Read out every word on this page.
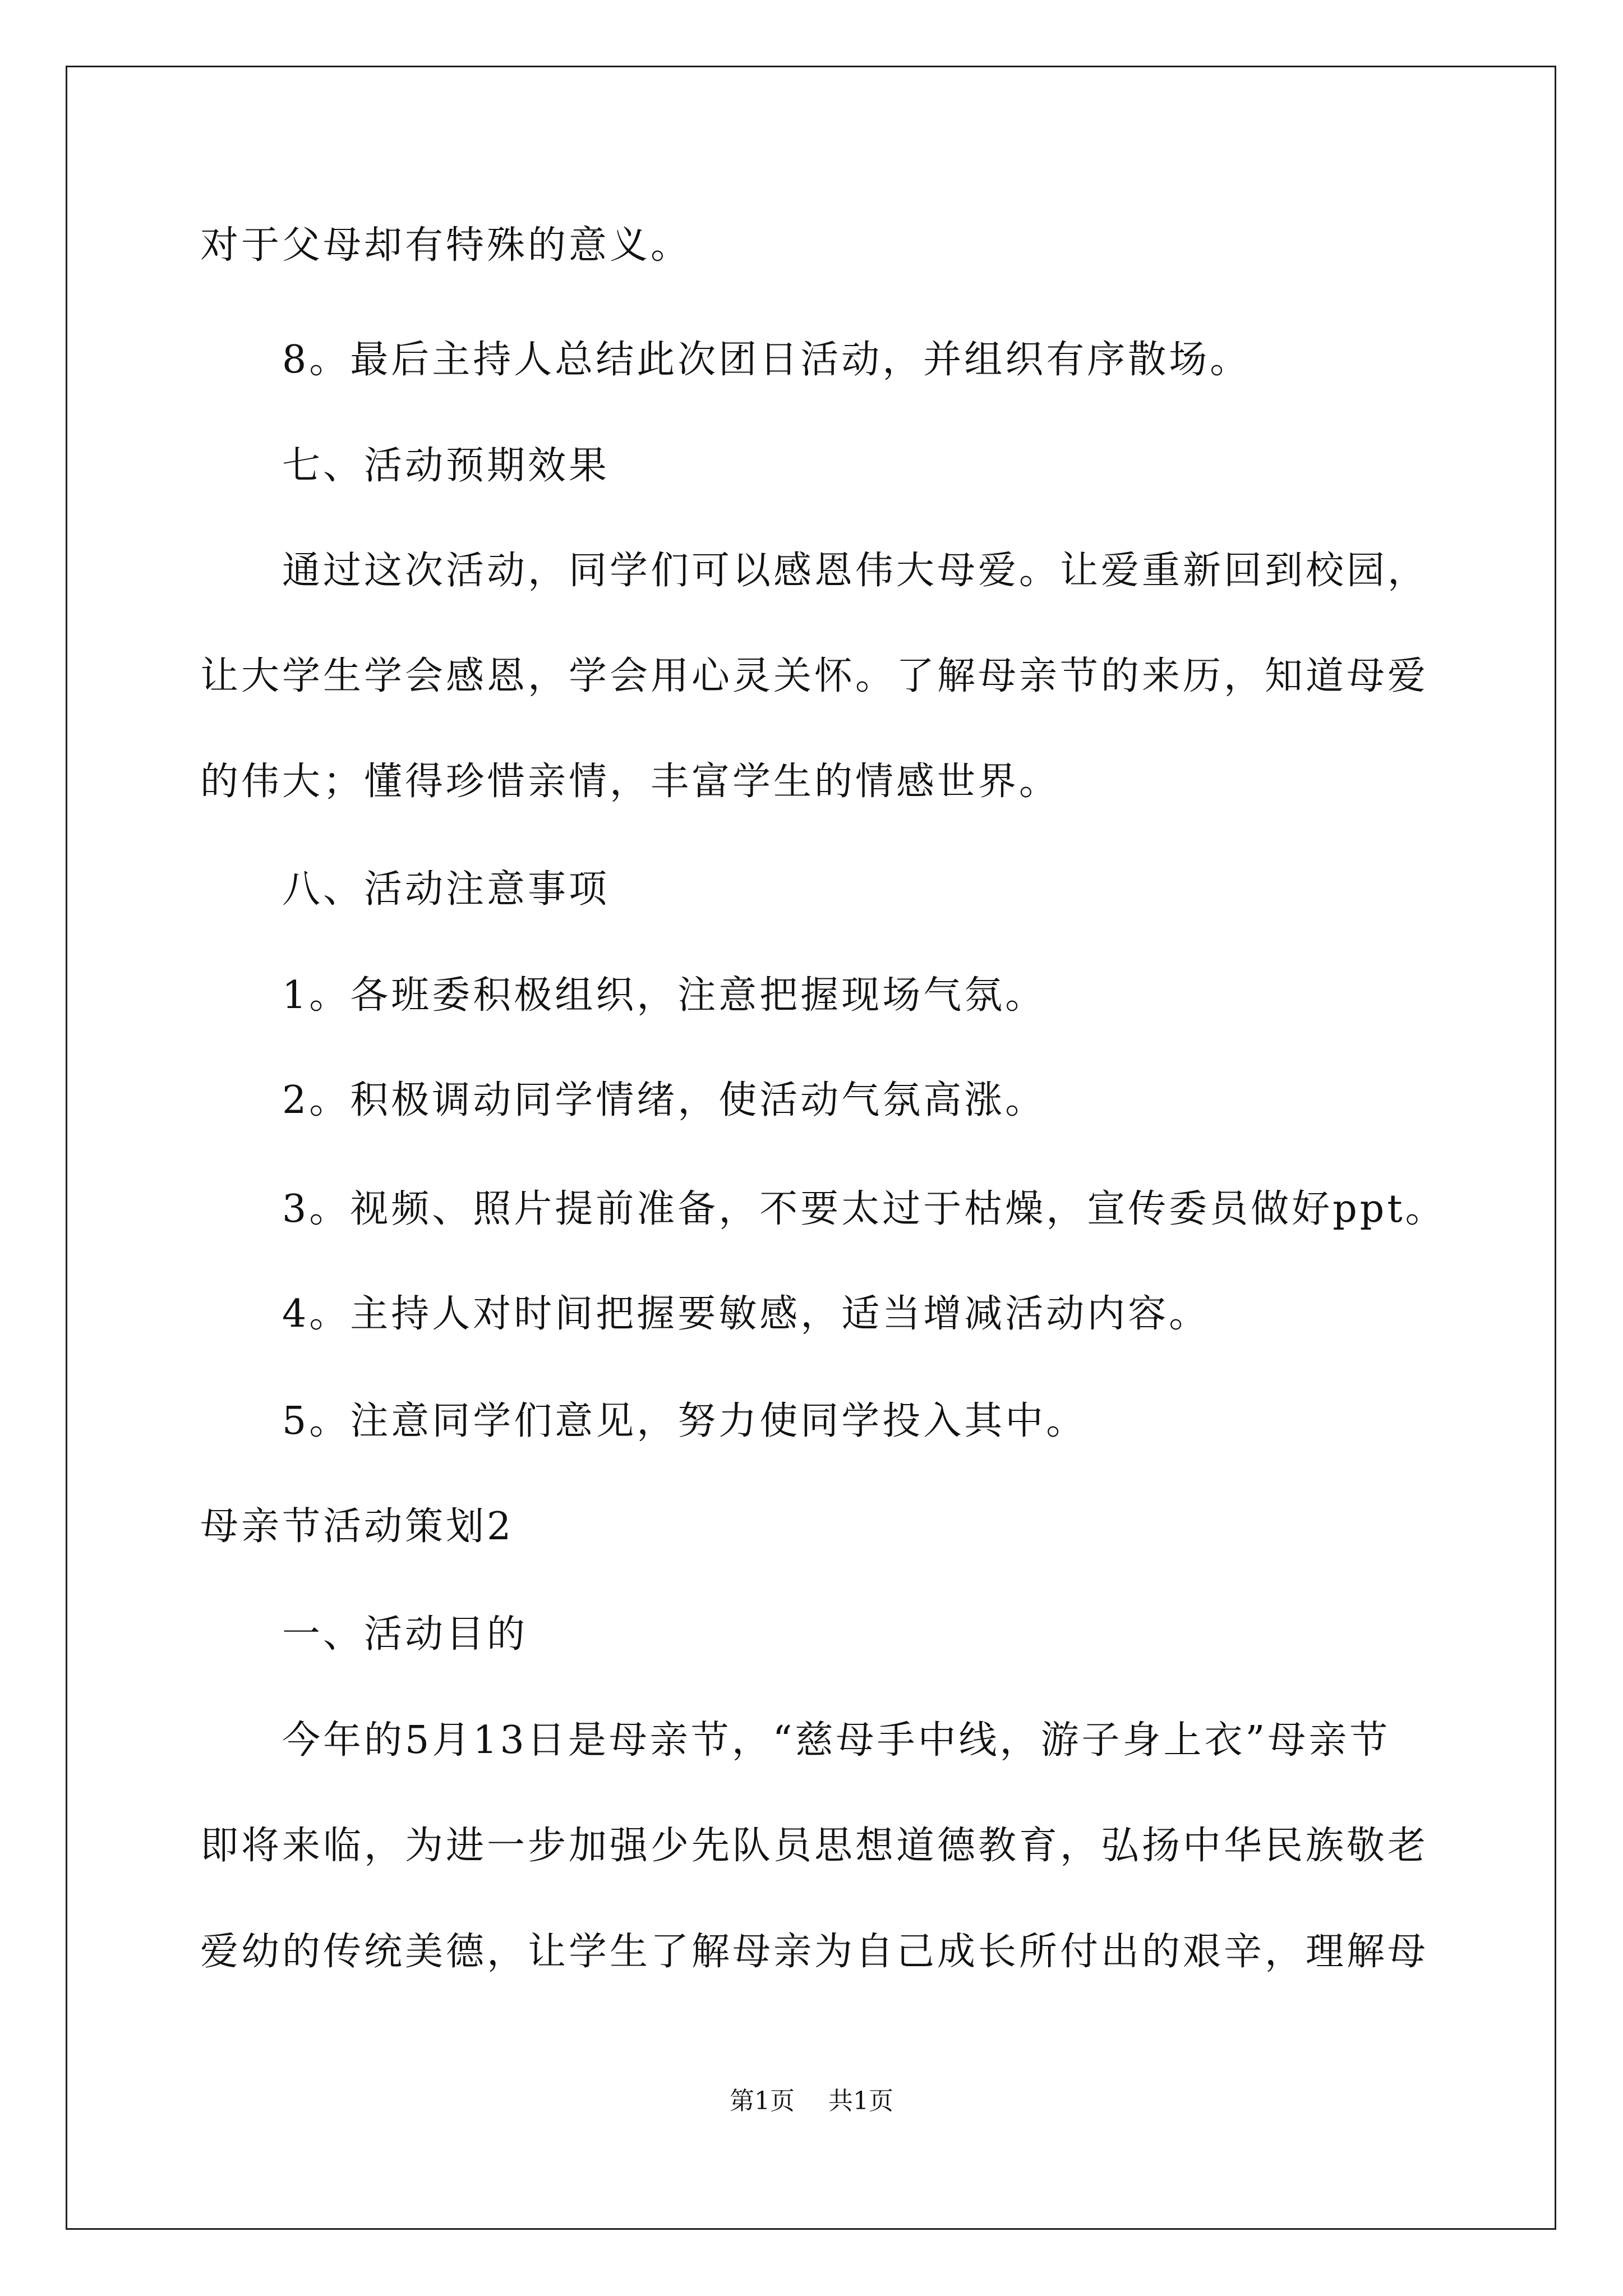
对于父母却有特殊的意义。
8。最后主持人总结此次团日活动，并组织有序散场。
七、活动预期效果
通过这次活动，同学们可以感恩伟大母爱。让爱重新回到校园，
让大学生学会感恩，学会用心灵关怀。了解母亲节的来历，知道母爱
的伟大；懂得珍惜亲情，丰富学生的情感世界。
八、活动注意事项
1。各班委积极组织，注意把握现场气氛。
2。积极调动同学情绪，使活动气氛高涨。
3。视频、照片提前准备，不要太过于枯燥，宣传委员做好ppt。
4。主持人对时间把握要敏感，适当增减活动内容。
5。注意同学们意见，努力使同学投入其中。
母亲节活动策划2
一、活动目的
今年的5月13日是母亲节，“慈母手中线，游子身上衣”母亲节
即将来临，为进一步加强少先队员思想道德教育，弘扬中华民族敬老
爱幼的传统美德，让学生了解母亲为自己成长所付出的艰辛，理解母
第1页 共1页
